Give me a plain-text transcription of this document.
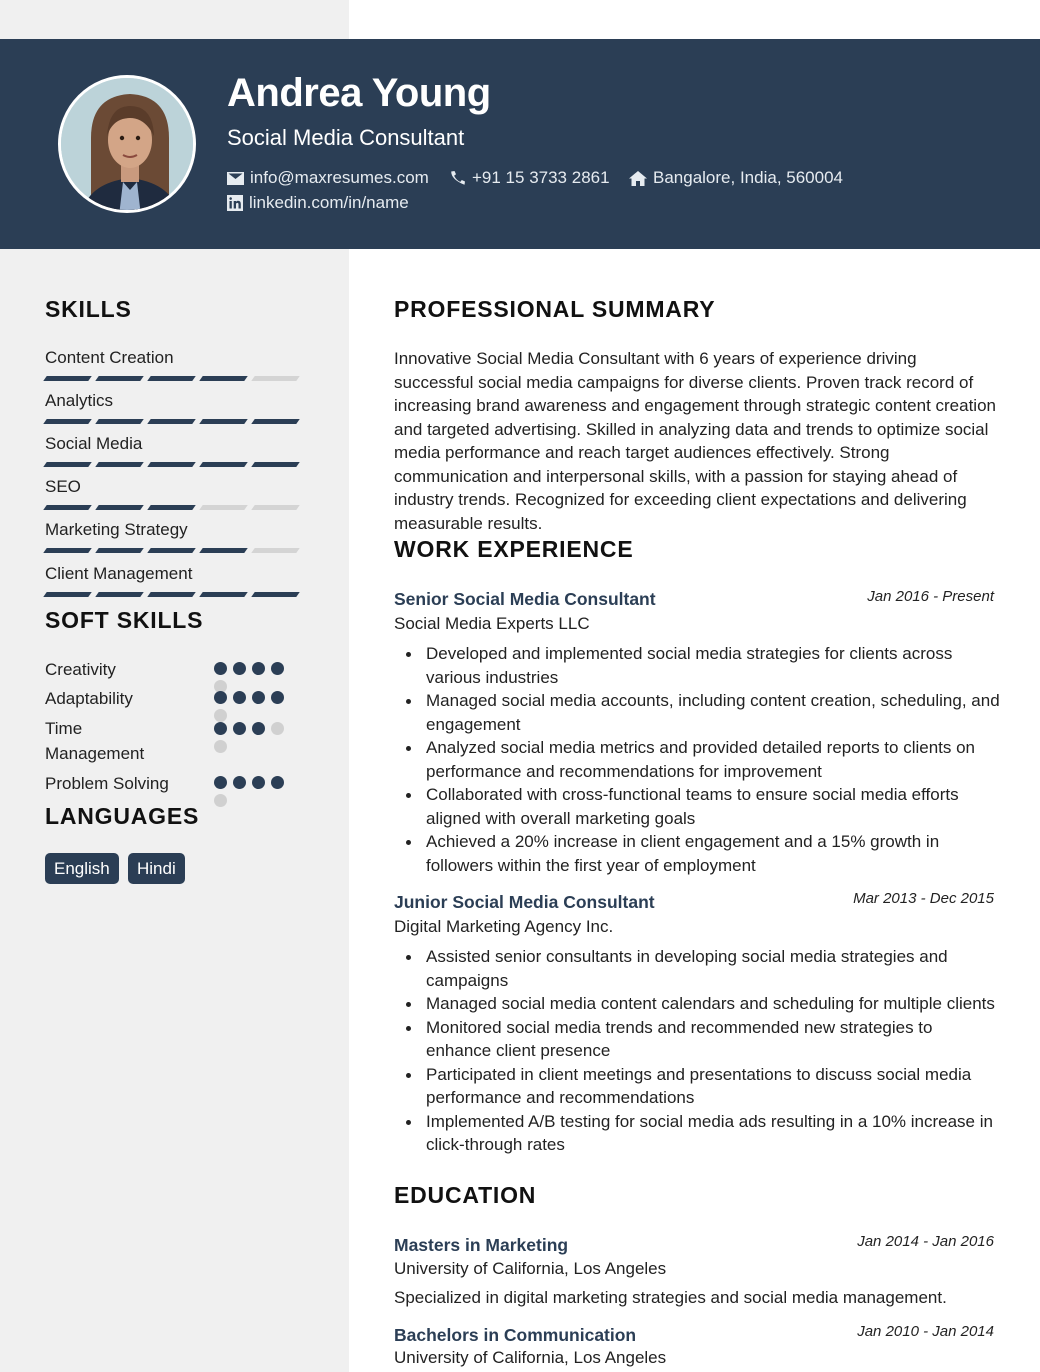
Andrea Young
Social Media Consultant
info@maxresumes.com	+91 15 3733 2861	Bangalore, India, 560004
linkedin.com/in/name
SKILLS
Content Creation
Analytics
Social Media
SEO
Marketing Strategy
Client Management
SOFT SKILLS
Creativity
Adaptability
Time Management
Problem Solving
LANGUAGES
English	Hindi
PROFESSIONAL SUMMARY
Innovative Social Media Consultant with 6 years of experience driving successful social media campaigns for diverse clients. Proven track record of increasing brand awareness and engagement through strategic content creation and targeted advertising. Skilled in analyzing data and trends to optimize social media performance and reach target audiences effectively. Strong communication and interpersonal skills, with a passion for staying ahead of industry trends. Recognized for exceeding client expectations and delivering measurable results.
WORK EXPERIENCE
Senior Social Media Consultant	Jan 2016 - Present
Social Media Experts LLC
Developed and implemented social media strategies for clients across various industries
Managed social media accounts, including content creation, scheduling, and engagement
Analyzed social media metrics and provided detailed reports to clients on performance and recommendations for improvement
Collaborated with cross-functional teams to ensure social media efforts aligned with overall marketing goals
Achieved a 20% increase in client engagement and a 15% growth in followers within the first year of employment
Junior Social Media Consultant	Mar 2013 - Dec 2015
Digital Marketing Agency Inc.
Assisted senior consultants in developing social media strategies and campaigns
Managed social media content calendars and scheduling for multiple clients
Monitored social media trends and recommended new strategies to enhance client presence
Participated in client meetings and presentations to discuss social media performance and recommendations
Implemented A/B testing for social media ads resulting in a 10% increase in click-through rates
EDUCATION
Masters in Marketing	Jan 2014 - Jan 2016
University of California, Los Angeles
Specialized in digital marketing strategies and social media management.
Bachelors in Communication	Jan 2010 - Jan 2014
University of California, Los Angeles
